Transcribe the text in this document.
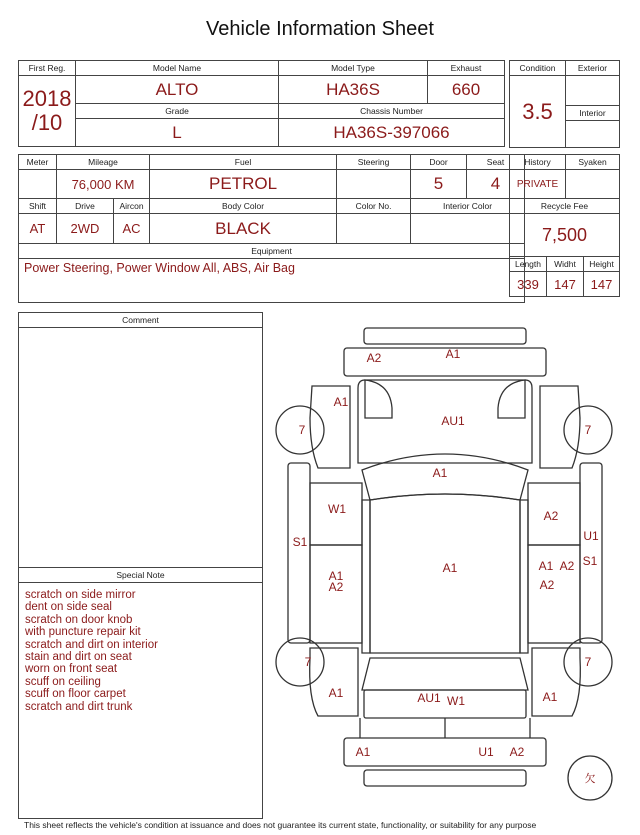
Vehicle Information Sheet
First Reg.	Model Name	Model Type	Exhaust
2018
/10	ALTO	HA36S	660
	Grade	Chassis Number	
	L	HA36S-397066	
Condition	Exterior
3.5	
	Interior

Meter	Mileage		Fuel	Steering	Door	Seat
	76,000 KM		PETROL		5	4
Shift	Drive	Aircon	Body Color	Color No.	Interior Color	
AT	2WD	AC	BLACK			
Equipment						
Power Steering, Power Window All, ABS, Air Bag						
History		Syaken	
PRIVATE			
Recycle Fee			
7,500			
Length	Widht		Height
339	147		147
Comment
Special Note
scratch on side mirror
dent on side seal
scratch on door knob
with puncture repair kit
scratch and dirt on interior
stain and dirt on seat
worn on front seat
scuff on ceiling
scuff on floor carpet
scratch and dirt trunk
A2	A1
A1
AU1
7	7
A1
W1	A2
U1
S1
S1
A1
A1
A2
A1 A2
A2
7	7
A1	A1
AU1 W1
A1	U1 A2
欠
This sheet reflects the vehicle's condition at issuance and does not guarantee its current state, functionality, or suitability for any purpose
